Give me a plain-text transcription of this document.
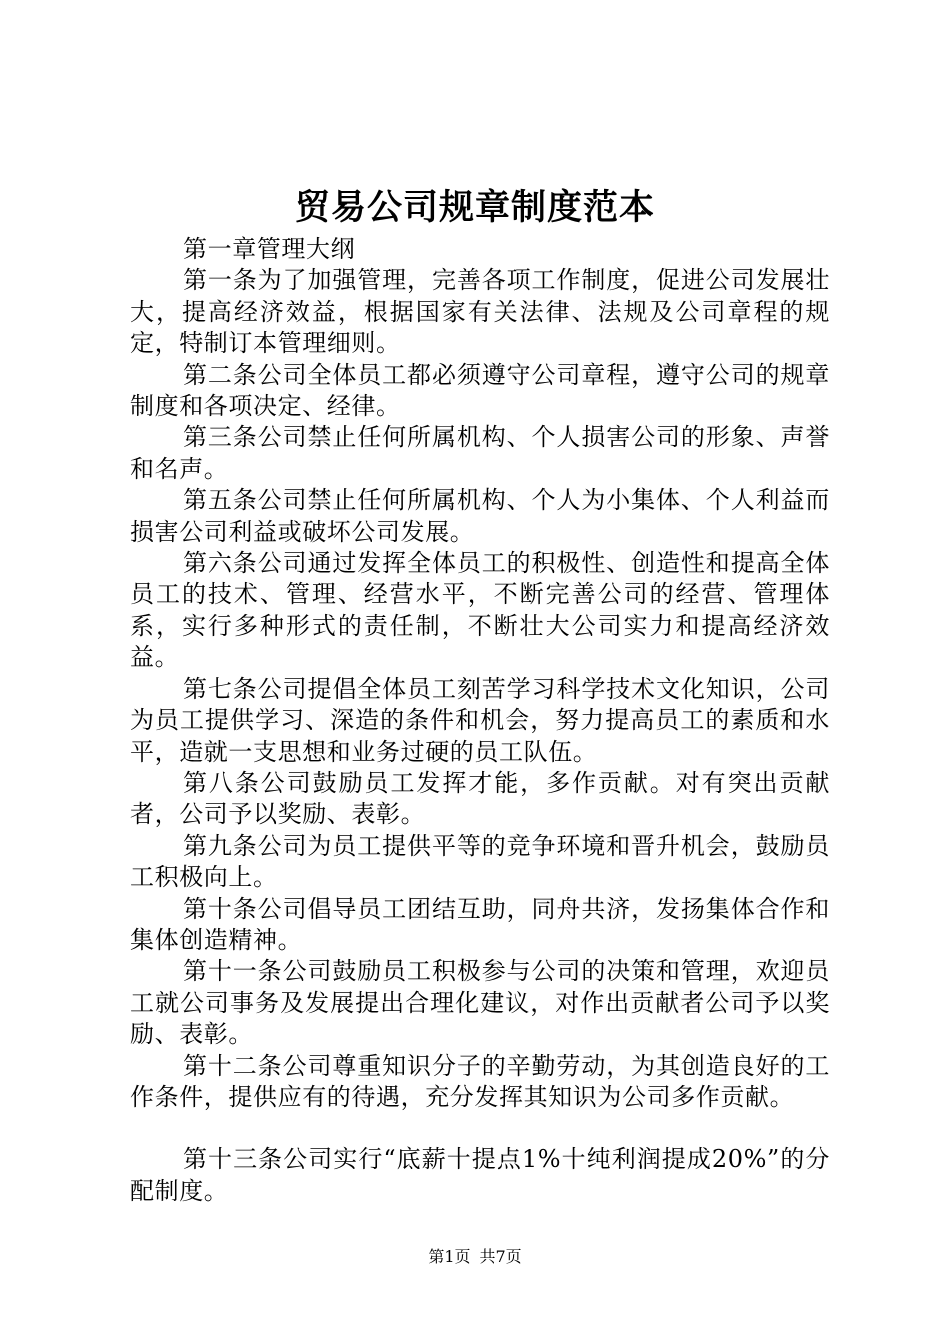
贸易公司规章制度范本

第一章管理大纲

第一条为了加强管理，完善各项工作制度，促进公司发展壮大，提高经济效益，根据国家有关法律、法规及公司章程的规定，特制订本管理细则。

第二条公司全体员工都必须遵守公司章程，遵守公司的规章制度和各项决定、经律。

第三条公司禁止任何所属机构、个人损害公司的形象、声誉和名声。

第五条公司禁止任何所属机构、个人为小集体、个人利益而损害公司利益或破坏公司发展。

第六条公司通过发挥全体员工的积极性、创造性和提高全体员工的技术、管理、经营水平，不断完善公司的经营、管理体系，实行多种形式的责任制，不断壮大公司实力和提高经济效益。

第七条公司提倡全体员工刻苦学习科学技术文化知识，公司为员工提供学习、深造的条件和机会，努力提高员工的素质和水平，造就一支思想和业务过硬的员工队伍。

第八条公司鼓励员工发挥才能，多作贡献。对有突出贡献者，公司予以奖励、表彰。

第九条公司为员工提供平等的竞争环境和晋升机会，鼓励员工积极向上。

第十条公司倡导员工团结互助，同舟共济，发扬集体合作和集体创造精神。

第十一条公司鼓励员工积极参与公司的决策和管理，欢迎员工就公司事务及发展提出合理化建议，对作出贡献者公司予以奖励、表彰。

第十二条公司尊重知识分子的辛勤劳动，为其创造良好的工作条件，提供应有的待遇，充分发挥其知识为公司多作贡献。

第十三条公司实行“底薪十提点1%十纯利润提成20%”的分配制度。

第1页 共7页
